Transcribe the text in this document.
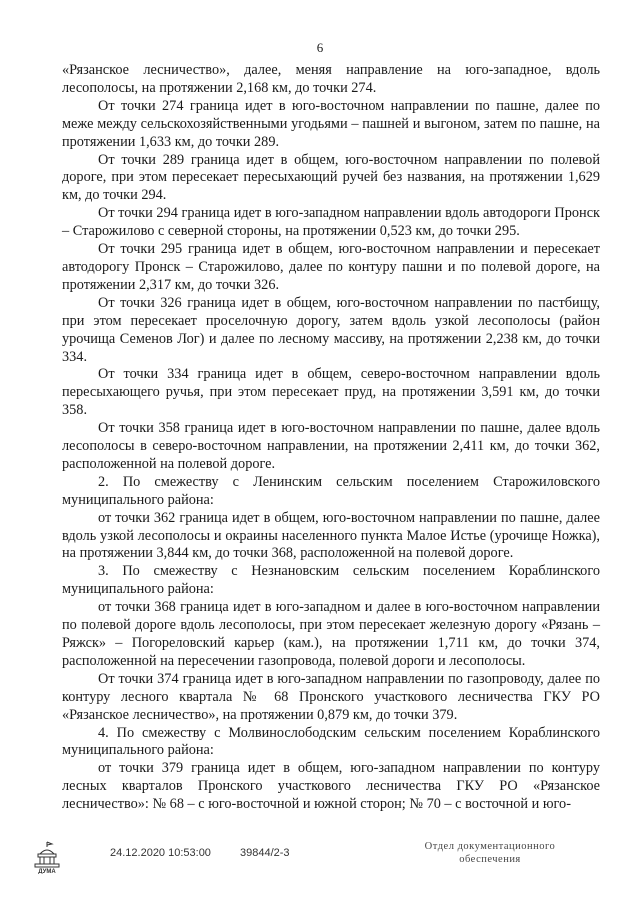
6

«Рязанское лесничество», далее, меняя направление на юго-западное, вдоль лесополосы, на протяжении 2,168 км, до точки 274.

От точки 274 граница идет в юго-восточном направлении по пашне, далее по меже между сельскохозяйственными угодьями – пашней и выгоном, затем по пашне, на протяжении 1,633 км, до точки 289.

От точки 289 граница идет в общем, юго-восточном направлении по полевой дороге, при этом пересекает пересыхающий ручей без названия, на протяжении 1,629 км, до точки 294.

От точки 294 граница идет в юго-западном направлении вдоль автодороги Пронск – Старожилово с северной стороны, на протяжении 0,523 км, до точки 295.

От точки 295 граница идет в общем, юго-восточном направлении и пересекает автодорогу Пронск – Старожилово, далее по контуру пашни и по полевой дороге, на протяжении 2,317 км, до точки 326.

От точки 326 граница идет в общем, юго-восточном направлении по пастбищу, при этом пересекает проселочную дорогу, затем вдоль узкой лесополосы (район урочища Семенов Лог) и далее по лесному массиву, на протяжении 2,238 км, до точки 334.

От точки 334 граница идет в общем, северо-восточном направлении вдоль пересыхающего ручья, при этом пересекает пруд, на протяжении 3,591 км, до точки 358.

От точки 358 граница идет в юго-восточном направлении по пашне, далее вдоль лесополосы в северо-восточном направлении, на протяжении 2,411 км, до точки 362, расположенной на полевой дороге.

2. По смежеству с Ленинским сельским поселением Старожиловского муниципального района:

от точки 362 граница идет в общем, юго-восточном направлении по пашне, далее вдоль узкой лесополосы и окраины населенного пункта Малое Истье (урочище Ножка), на протяжении 3,844 км, до точки 368, расположенной на полевой дороге.

3. По смежеству с Незнановским сельским поселением Кораблинского муниципального района:

от точки 368 граница идет в юго-западном и далее в юго-восточном направлении по полевой дороге вдоль лесополосы, при этом пересекает железную дорогу «Рязань – Ряжск» – Погореловский карьер (кам.), на протяжении 1,711 км, до точки 374, расположенной на пересечении газопровода, полевой дороги и лесополосы.

От точки 374 граница идет в юго-западном направлении по газопроводу, далее по контуру лесного квартала № 68 Пронского участкового лесничества ГКУ РО «Рязанское лесничество», на протяжении 0,879 км, до точки 379.

4. По смежеству с Молвинослободским сельским поселением Кораблинского муниципального района:

от точки 379 граница идет в общем, юго-западном направлении по контуру лесных кварталов Пронского участкового лесничества ГКУ РО «Рязанское лесничество»: № 68 – с юго-восточной и южной сторон; № 70 – с восточной и юго-

ДУМА
24.12.2020 10:53:00	39844/2-3
Отдел документационного
обеспечения
